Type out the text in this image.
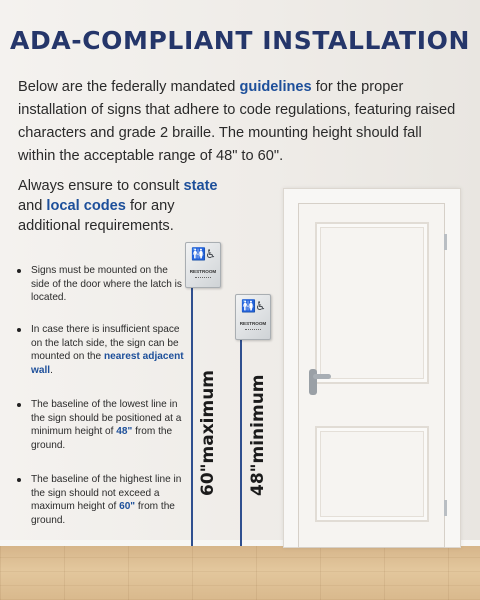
ADA-COMPLIANT INSTALLATION

Below are the federally mandated guidelines for the proper installation of signs that adhere to code regulations, featuring raised characters and grade 2 braille. The mounting height should fall within the acceptable range of 48" to 60".

Always ensure to consult state and local codes for any additional requirements.

Signs must be mounted on the side of the door where the latch is located.
In case there is insufficient space on the latch side, the sign can be mounted on the nearest adjacent wall.
The baseline of the lowest line in the sign should be positioned at a minimum height of 48" from the ground.
The baseline of the highest line in the sign should not exceed a maximum height of 60" from the ground.
🚻♿
RESTROOM
🚻♿
RESTROOM
60"maximum 48"minimum
